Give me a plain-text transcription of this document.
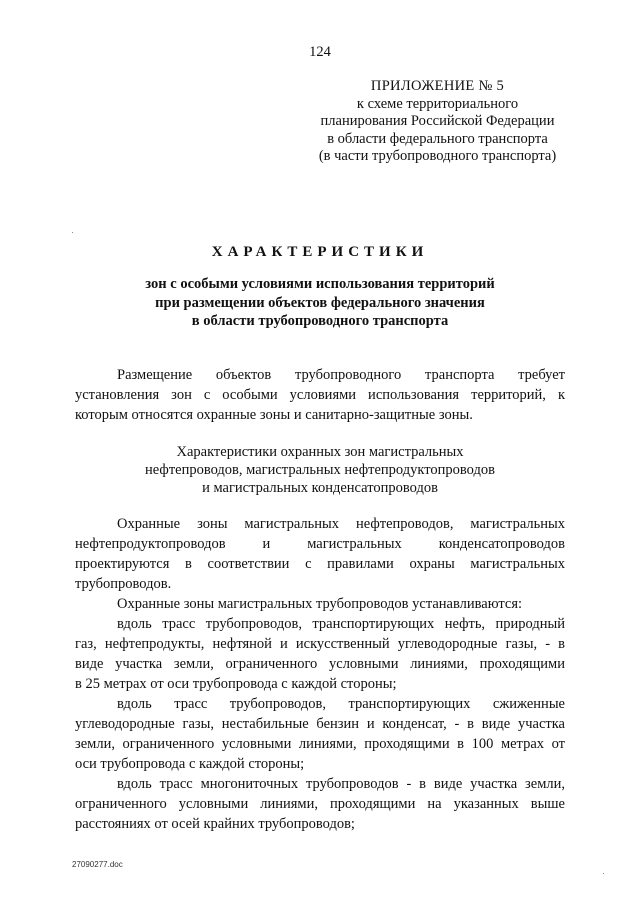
124
ПРИЛОЖЕНИЕ № 5
к схеме территориального
планирования Российской Федерации
в области федерального транспорта
(в части трубопроводного транспорта)
ХАРАКТЕРИСТИКИ
зон с особыми условиями использования территорий
при размещении объектов федерального значения
в области трубопроводного транспорта
Размещение объектов трубопроводного транспорта требует
установления зон с особыми условиями использования территорий, к
которым относятся охранные зоны и санитарно-защитные зоны.
Характеристики охранных зон магистральных
нефтепроводов, магистральных нефтепродуктопроводов
и магистральных конденсатопроводов
Охранные зоны магистральных нефтепроводов, магистральных
нефтепродуктопроводов и магистральных конденсатопроводов
проектируются в соответствии с правилами охраны магистральных
трубопроводов.
Охранные зоны магистральных трубопроводов устанавливаются:
вдоль трасс трубопроводов, транспортирующих нефть, природный
газ, нефтепродукты, нефтяной и искусственный углеводородные газы, - в
виде участка земли, ограниченного условными линиями, проходящими
в 25 метрах от оси трубопровода с каждой стороны;
вдоль трасс трубопроводов, транспортирующих сжиженные
углеводородные газы, нестабильные бензин и конденсат, - в виде участка
земли, ограниченного условными линиями, проходящими в 100 метрах от
оси трубопровода с каждой стороны;
вдоль трасс многониточных трубопроводов - в виде участка земли,
ограниченного условными линиями, проходящими на указанных выше
расстояниях от осей крайних трубопроводов;
27090277.doc
